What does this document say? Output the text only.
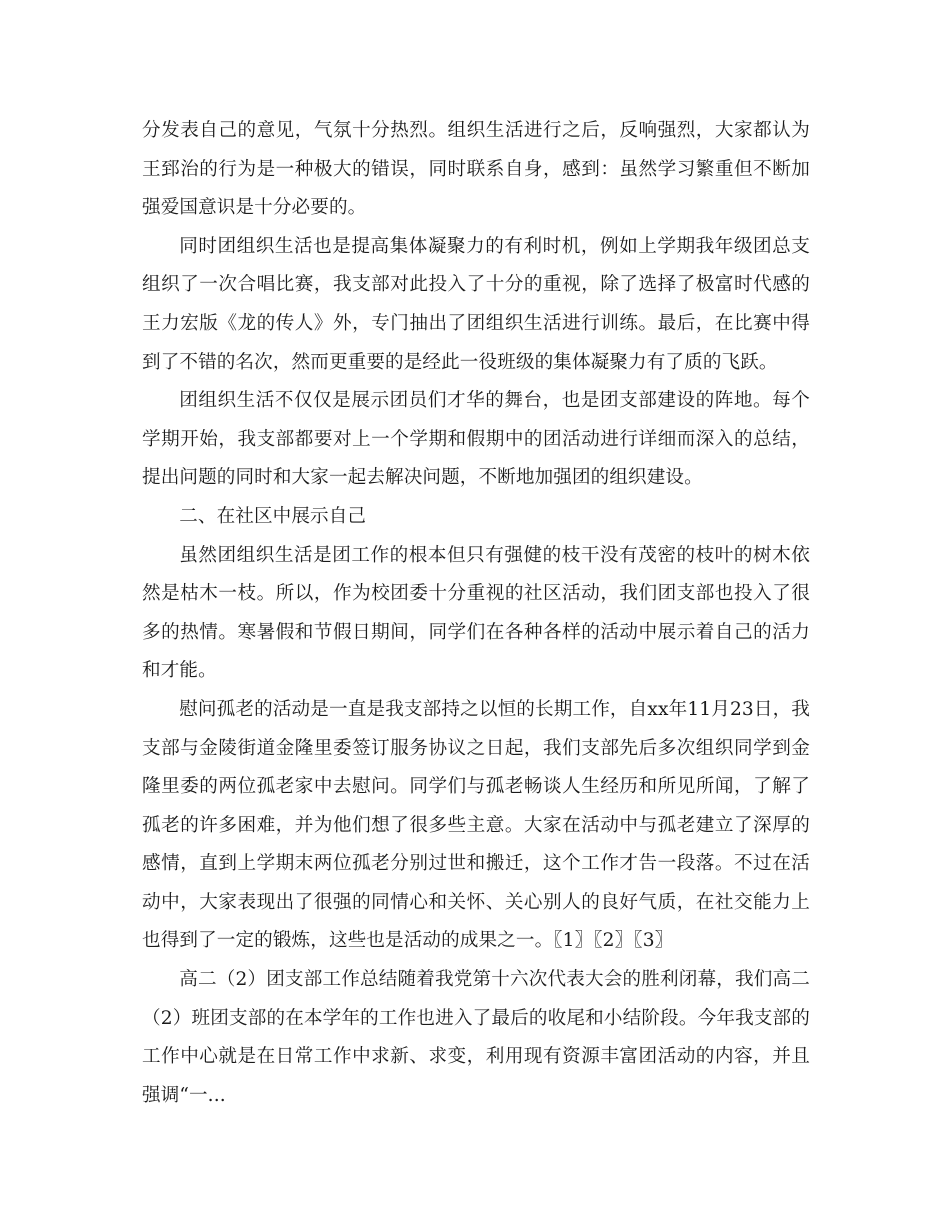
分发表自己的意见，气氛十分热烈。组织生活进行之后，反响强烈，大家都认为王郅治的行为是一种极大的错误，同时联系自身，感到：虽然学习繁重但不断加强爱国意识是十分必要的。

同时团组织生活也是提高集体凝聚力的有利时机，例如上学期我年级团总支组织了一次合唱比赛，我支部对此投入了十分的重视，除了选择了极富时代感的王力宏版《龙的传人》外，专门抽出了团组织生活进行训练。最后，在比赛中得到了不错的名次，然而更重要的是经此一役班级的集体凝聚力有了质的飞跃。

团组织生活不仅仅是展示团员们才华的舞台，也是团支部建设的阵地。每个学期开始，我支部都要对上一个学期和假期中的团活动进行详细而深入的总结，提出问题的同时和大家一起去解决问题，不断地加强团的组织建设。

二、在社区中展示自己

虽然团组织生活是团工作的根本但只有强健的枝干没有茂密的枝叶的树木依然是枯木一枝。所以，作为校团委十分重视的社区活动，我们团支部也投入了很多的热情。寒暑假和节假日期间，同学们在各种各样的活动中展示着自己的活力和才能。

慰问孤老的活动是一直是我支部持之以恒的长期工作，自xx年11月23日，我支部与金陵街道金隆里委签订服务协议之日起，我们支部先后多次组织同学到金隆里委的两位孤老家中去慰问。同学们与孤老畅谈人生经历和所见所闻，了解了孤老的许多困难，并为他们想了很多些主意。大家在活动中与孤老建立了深厚的感情，直到上学期末两位孤老分别过世和搬迁，这个工作才告一段落。不过在活动中，大家表现出了很强的同情心和关怀、关心别人的良好气质，在社交能力上也得到了一定的锻炼，这些也是活动的成果之一。〖1〗〖2〗〖3〗

高二（2）团支部工作总结随着我党第十六次代表大会的胜利闭幕，我们高二（2）班团支部的在本学年的工作也进入了最后的收尾和小结阶段。今年我支部的工作中心就是在日常工作中求新、求变，利用现有资源丰富团活动的内容，并且强调“一...
